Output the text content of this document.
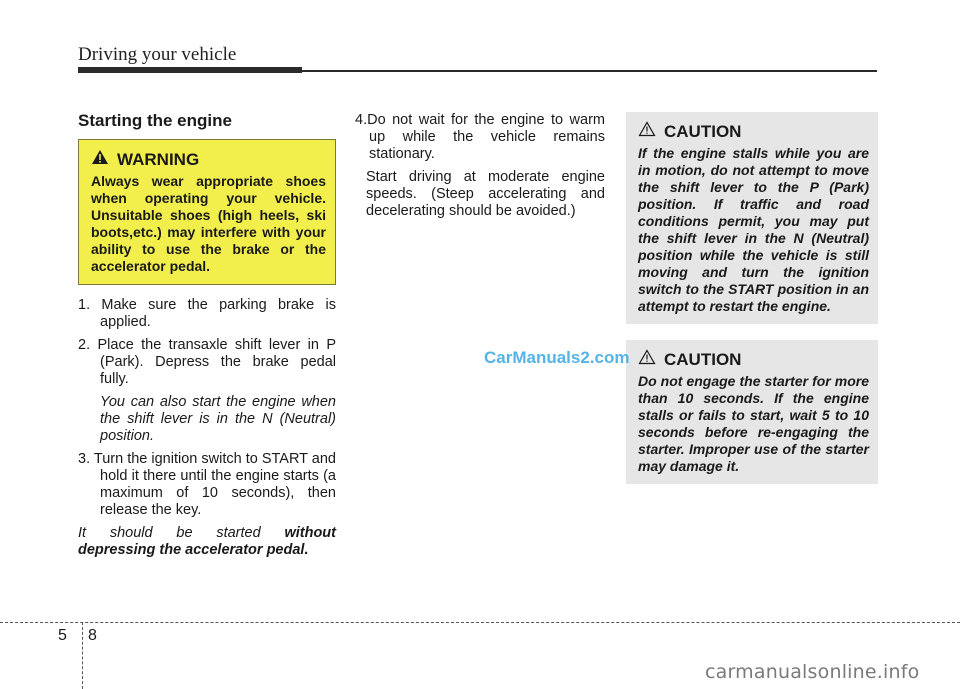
Driving your vehicle
Starting the engine
WARNING
Always wear appropriate shoes when operating your vehicle. Unsuitable shoes (high heels, ski boots,etc.) may interfere with your ability to use the brake or the accelerator pedal.
1. Make sure the parking brake is applied.
2. Place the transaxle shift lever in P (Park). Depress the brake pedal fully.
You can also start the engine when the shift lever is in the N (Neutral) position.
3. Turn the ignition switch to START and hold it there until the engine starts (a maximum of 10 seconds), then release the key.
It should be started without depressing the accelerator pedal.
4.Do not wait for the engine to warm up while the vehicle remains stationary.
Start driving at moderate engine speeds. (Steep accelerating and decelerating should be avoided.)
CAUTION
If the engine stalls while you are in motion, do not attempt to move the shift lever to the P (Park) position. If traffic and road conditions permit, you may put the shift lever in the N (Neutral) position while the vehicle is still moving and turn the ignition switch to the START position in an attempt to restart the engine.
CAUTION
Do not engage the starter for more than 10 seconds. If the engine stalls or fails to start, wait 5 to 10 seconds before re-engaging the starter. Improper use of the starter may damage it.
CarManuals2.com
5 8
carmanualsonline.info
